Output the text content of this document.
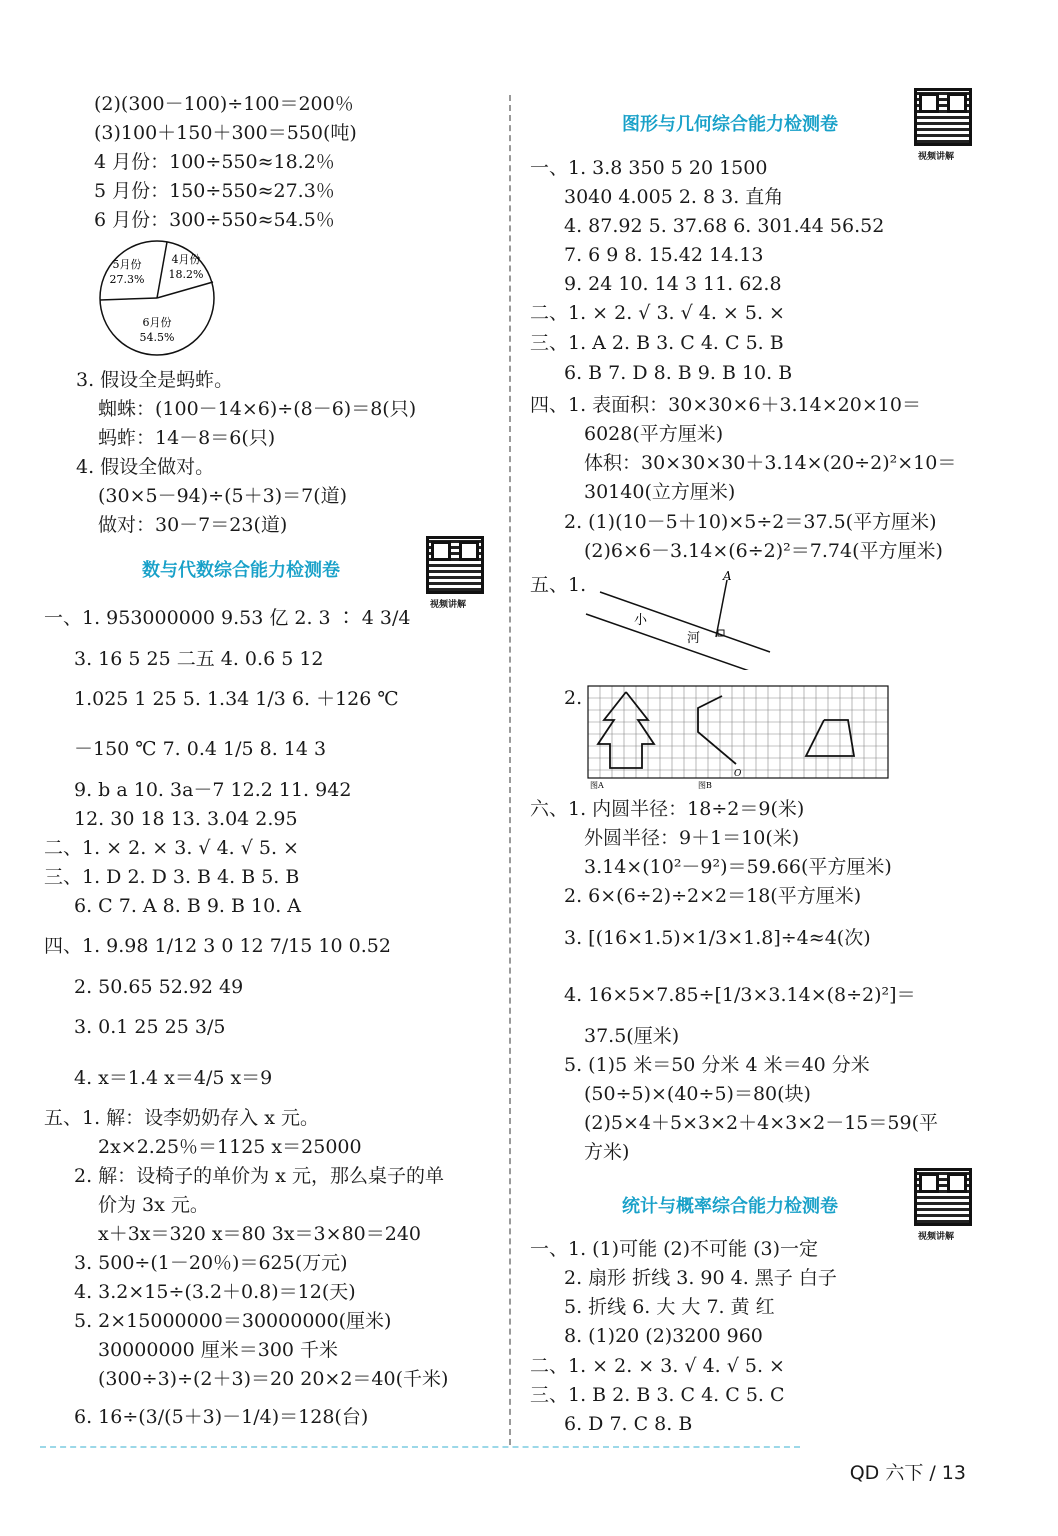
(2)(300－100)÷100＝200％
(3)100＋150＋300＝550(吨)
4 月份：100÷550≈18.2％
5 月份：150÷550≈27.3％
6 月份：300÷550≈54.5％
5月份
27.3%
4月份
18.2%
6月份
54.5%
3. 假设全是蚂蚱。
蜘蛛：(100－14×6)÷(8－6)＝8(只)
蚂蚱：14－8＝6(只)
4. 假设全做对。
(30×5－94)÷(5＋3)＝7(道)
做对：30－7＝23(道)
数与代数综合能力检测卷
视频讲解
一、1. 953000000 9.53 亿 2. 3 ∶ 4 3/4
3. 16 5 25 二五 4. 0.6 5 12
1.025 1 25 5. 1.34 1/3 6. ＋126 ℃
－150 ℃ 7. 0.4 1/5 8. 14 3
9. b a 10. 3a－7 12.2 11. 942
12. 30 18 13. 3.04 2.95
二、1. × 2. × 3. √ 4. √ 5. ×
三、1. D 2. D 3. B 4. B 5. B
6. C 7. A 8. B 9. B 10. A
四、1. 9.98 1/12 3 0 12 7/15 10 0.52
2. 50.65 52.92 49
3. 0.1 25 25 3/5
4. x＝1.4 x＝4/5 x＝9
五、1. 解：设李奶奶存入 x 元。
2x×2.25％＝1125 x＝25000
2. 解：设椅子的单价为 x 元，那么桌子的单
价为 3x 元。
x＋3x＝320 x＝80 3x＝3×80＝240
3. 500÷(1－20％)＝625(万元)
4. 3.2×15÷(3.2＋0.8)＝12(天)
5. 2×15000000＝30000000(厘米)
30000000 厘米＝300 千米
(300÷3)÷(2＋3)＝20 20×2＝40(千米)
6. 16÷(3/(5＋3)－1/4)＝128(台)
图形与几何综合能力检测卷
视频讲解
一、1. 3.8 350 5 20 1500
3040 4.005 2. 8 3. 直角
4. 87.92 5. 37.68 6. 301.44 56.52
7. 6 9 8. 15.42 14.13
9. 24 10. 14 3 11. 62.8
二、1. × 2. √ 3. √ 4. × 5. ×
三、1. A 2. B 3. C 4. C 5. B
6. B 7. D 8. B 9. B 10. B
四、1. 表面积：30×30×6＋3.14×20×10＝
6028(平方厘米)
体积：30×30×30＋3.14×(20÷2)²×10＝
30140(立方厘米)
2. (1)(10－5＋10)×5÷2＝37.5(平方厘米)
(2)6×6－3.14×(6÷2)²＝7.74(平方厘米)
五、1.	A
小
河
2.
图A	图B
O
六、1. 内圆半径：18÷2＝9(米)
外圆半径：9＋1＝10(米)
3.14×(10²－9²)＝59.66(平方厘米)
2. 6×(6÷2)÷2×2＝18(平方厘米)
3. [(16×1.5)×1/3×1.8]÷4≈4(次)
4. 16×5×7.85÷[1/3×3.14×(8÷2)²]＝
37.5(厘米)
5. (1)5 米＝50 分米 4 米＝40 分米
(50÷5)×(40÷5)＝80(块)
(2)5×4＋5×3×2＋4×3×2－15＝59(平
方米)
统计与概率综合能力检测卷
视频讲解
一、1. (1)可能 (2)不可能 (3)一定
2. 扇形 折线 3. 90 4. 黑子 白子
5. 折线 6. 大 大 7. 黄 红
8. (1)20 (2)3200 960
二、1. × 2. × 3. √ 4. √ 5. ×
三、1. B 2. B 3. C 4. C 5. C
6. D 7. C 8. B
QD 六下 / 13
